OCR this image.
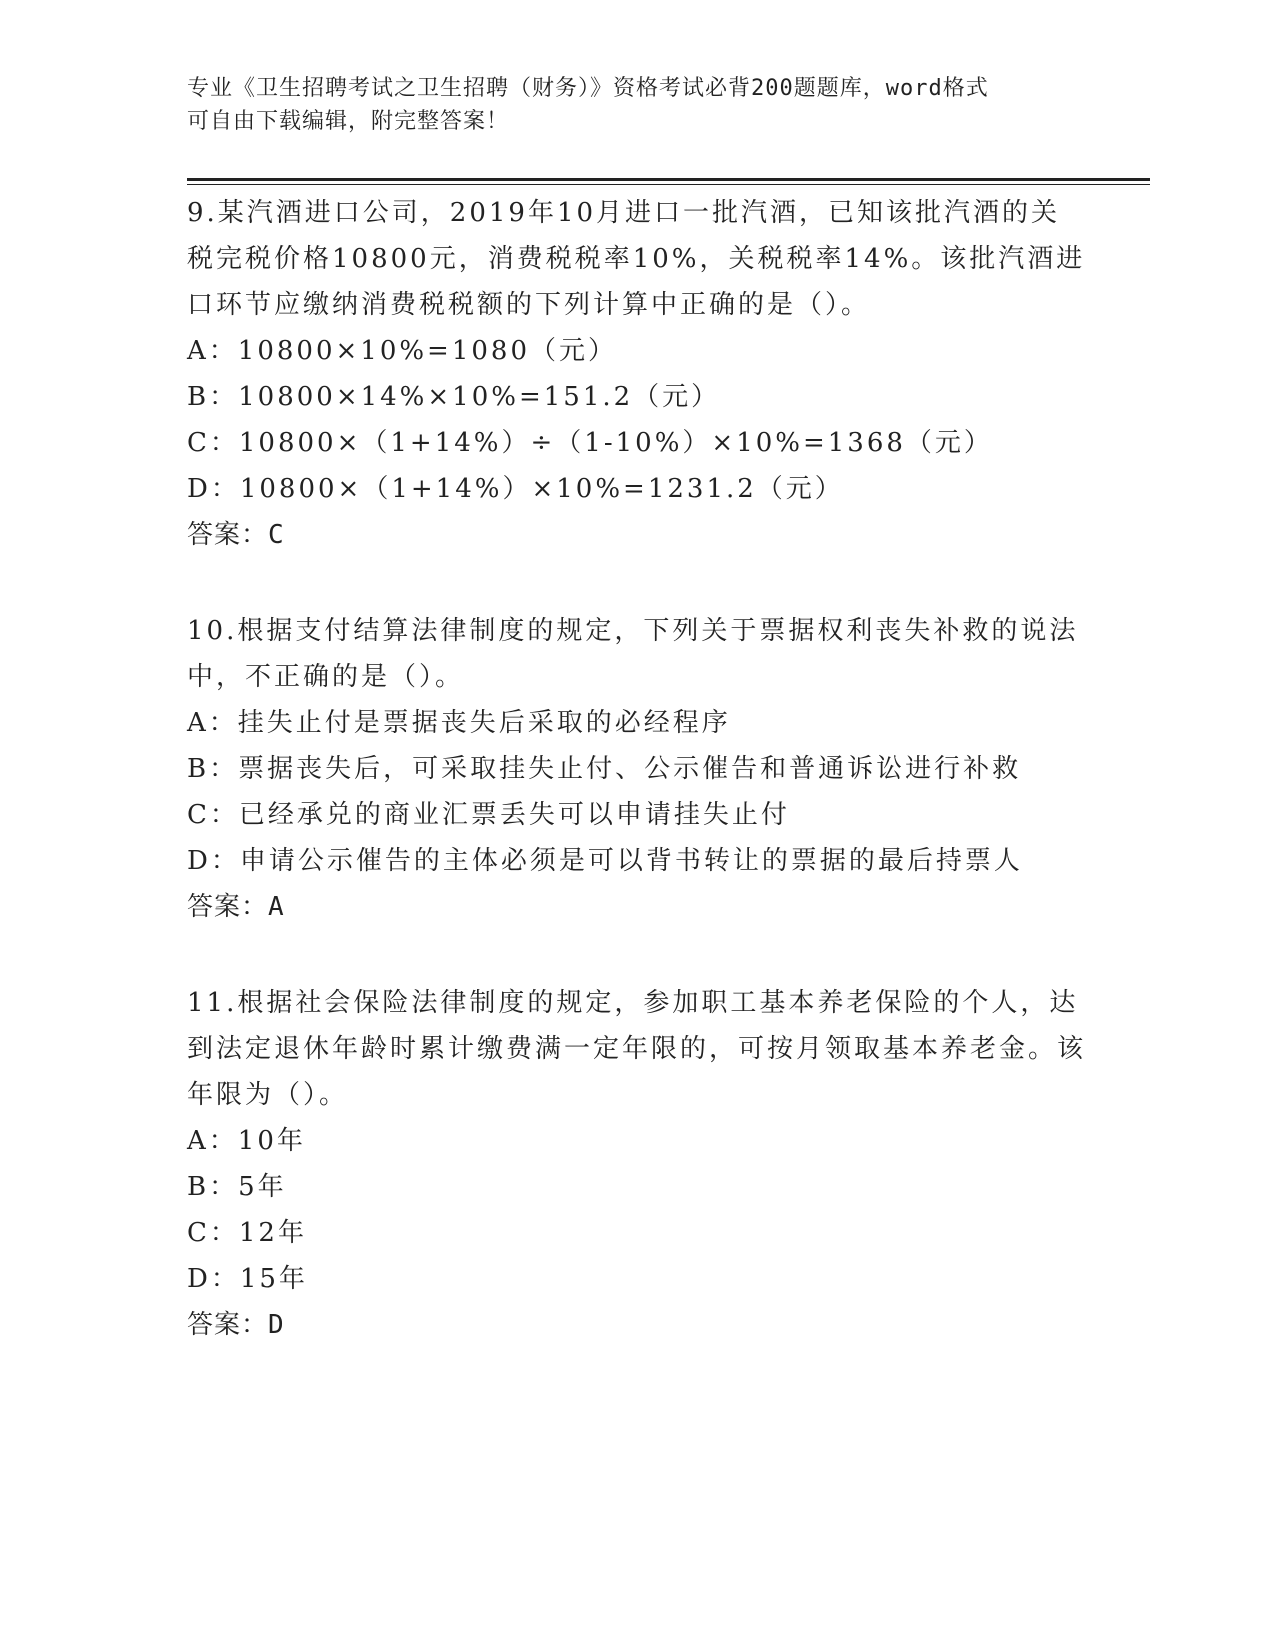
专业《卫生招聘考试之卫生招聘（财务）》资格考试必背200题题库，word格式
可自由下载编辑，附完整答案！

9.某汽酒进口公司，2019年10月进口一批汽酒，已知该批汽酒的关税完税价格10800元，消费税税率10%，关税税率14%。该批汽酒进口环节应缴纳消费税税额的下列计算中正确的是（）。

A：10800×10%=1080（元）

B：10800×14%×10%=151.2（元）

C：10800×（1+14%）÷（1-10%）×10%=1368（元）

D：10800×（1+14%）×10%=1231.2（元）

答案：C

10.根据支付结算法律制度的规定，下列关于票据权利丧失补救的说法中，不正确的是（）。

A：挂失止付是票据丧失后采取的必经程序

B：票据丧失后，可采取挂失止付、公示催告和普通诉讼进行补救

C：已经承兑的商业汇票丢失可以申请挂失止付

D：申请公示催告的主体必须是可以背书转让的票据的最后持票人

答案：A

11.根据社会保险法律制度的规定，参加职工基本养老保险的个人，达到法定退休年龄时累计缴费满一定年限的，可按月领取基本养老金。该年限为（）。

A：10年

B：5年

C：12年

D：15年

答案：D
